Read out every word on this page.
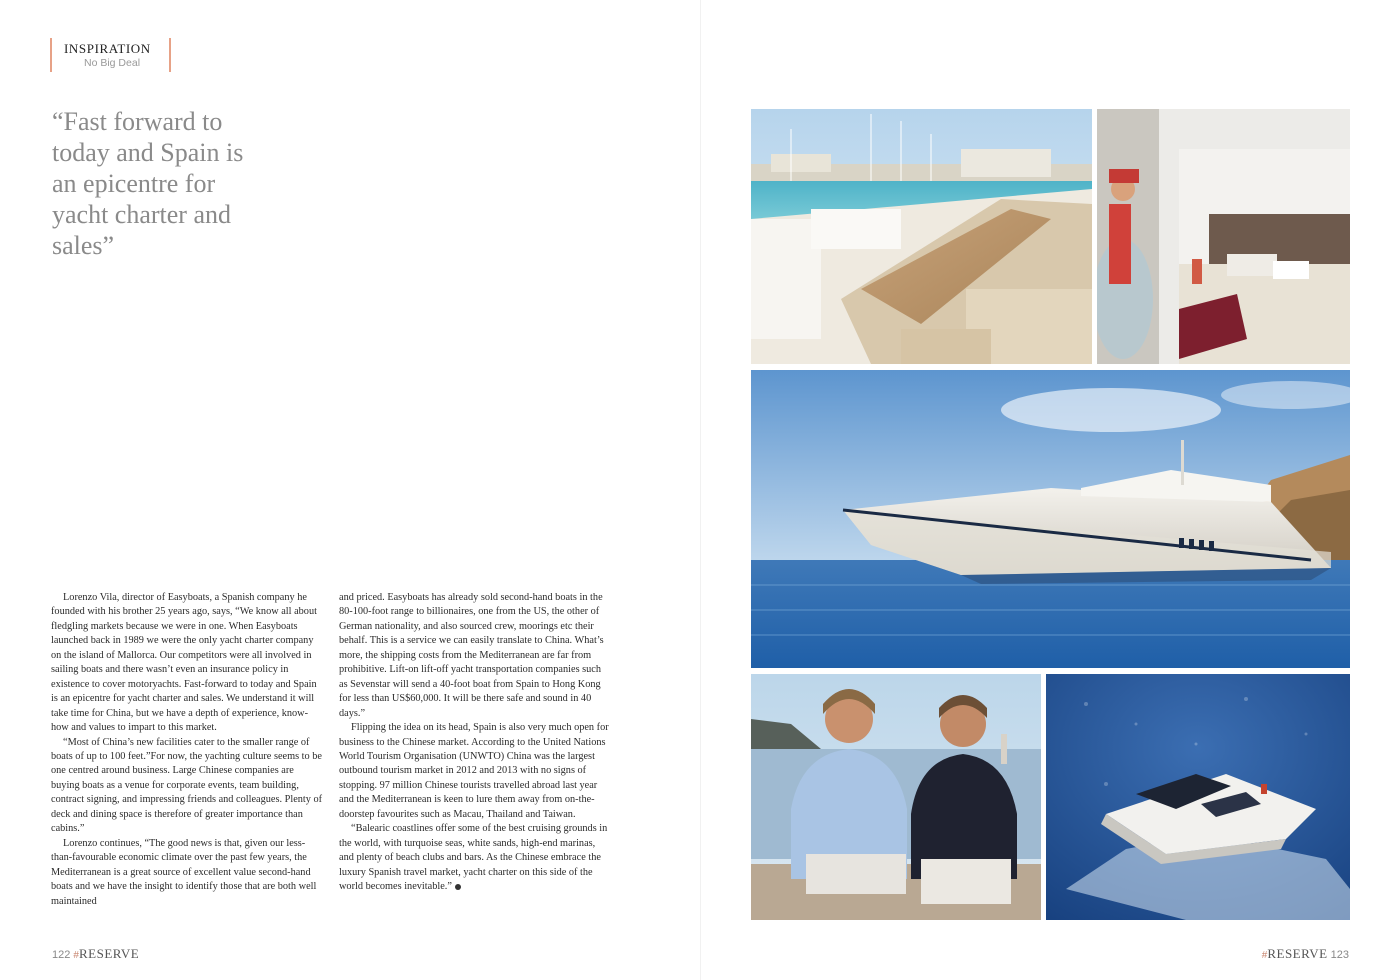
INSPIRATION
No Big Deal

“Fast forward to today and Spain is an epicentre for yacht charter and sales”

Lorenzo Vila, director of Easyboats, a Spanish company he founded with his brother 25 years ago, says, “We know all about fledgling markets because we were in one. When Easyboats launched back in 1989 we were the only yacht charter company on the island of Mallorca. Our competitors were all involved in sailing boats and there wasn’t even an insurance policy in existence to cover motoryachts. Fast-forward to today and Spain is an epicentre for yacht charter and sales. We understand it will take time for China, but we have a depth of experience, know-how and values to impart to this market.

“Most of China’s new facilities cater to the smaller range of boats of up to 100 feet.”For now, the yachting culture seems to be one centred around business. Large Chinese companies are buying boats as a venue for corporate events, team building, contract signing, and impressing friends and colleagues. Plenty of deck and dining space is therefore of greater importance than cabins.”

Lorenzo continues, “The good news is that, given our less-than-favourable economic climate over the past few years, the Mediterranean is a great source of excellent value second-hand boats and we have the insight to identify those that are both well maintained

and priced. Easyboats has already sold second-hand boats in the 80-100-foot range to billionaires, one from the US, the other of German nationality, and also sourced crew, moorings etc their behalf. This is a service we can easily translate to China. What’s more, the shipping costs from the Mediterranean are far from prohibitive. Lift-on lift-off yacht transportation companies such as Sevenstar will send a 40-foot boat from Spain to Hong Kong for less than US$60,000. It will be there safe and sound in 40 days.”

Flipping the idea on its head, Spain is also very much open for business to the Chinese market. According to the United Nations World Tourism Organisation (UNWTO) China was the largest outbound tourism market in 2012 and 2013 with no signs of stopping. 97 million Chinese tourists travelled abroad last year and the Mediterranean is keen to lure them away from on-the-doorstep favourites such as Macau, Thailand and Taiwan.

“Balearic coastlines offer some of the best cruising grounds in the world, with turquoise seas, white sands, high-end marinas, and plenty of beach clubs and bars. As the Chinese embrace the luxury Spanish travel market, yacht charter on this side of the world becomes inevitable.”

122 #RESERVE	#RESERVE 123
